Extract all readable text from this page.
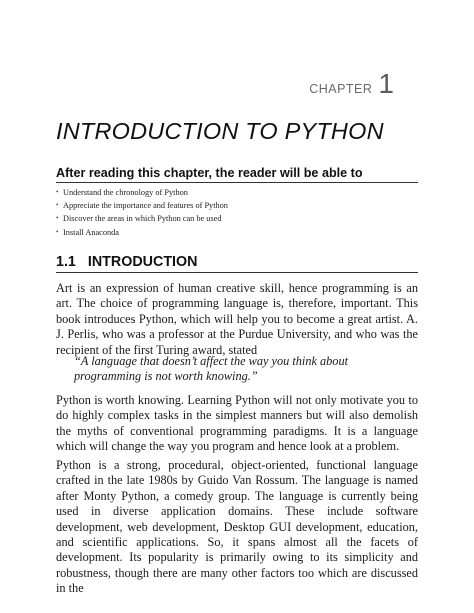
CHAPTER 1
INTRODUCTION TO PYTHON
After reading this chapter, the reader will be able to
• Understand the chronology of Python
• Appreciate the importance and features of Python
• Discover the areas in which Python can be used
• Install Anaconda
1.1 INTRODUCTION

Art is an expression of human creative skill, hence programming is an art. The choice of programming language is, therefore, important. This book introduces Python, which will help you to become a great artist. A. J. Perlis, who was a professor at the Purdue University, and who was the recipient of the first Turing award, stated

“A language that doesn’t affect the way you think about programming is not worth knowing.”

Python is worth knowing. Learning Python will not only motivate you to do highly complex tasks in the simplest manners but will also demolish the myths of conventional programming paradigms. It is a language which will change the way you program and hence look at a problem.

Python is a strong, procedural, object-oriented, functional language crafted in the late 1980s by Guido Van Rossum. The language is named after Monty Python, a comedy group. The language is currently being used in diverse application domains. These include software development, web development, Desktop GUI development, education, and scientific applications. So, it spans almost all the facets of development. Its popularity is primarily owing to its simplicity and robustness, though there are many other factors too which are discussed in the
